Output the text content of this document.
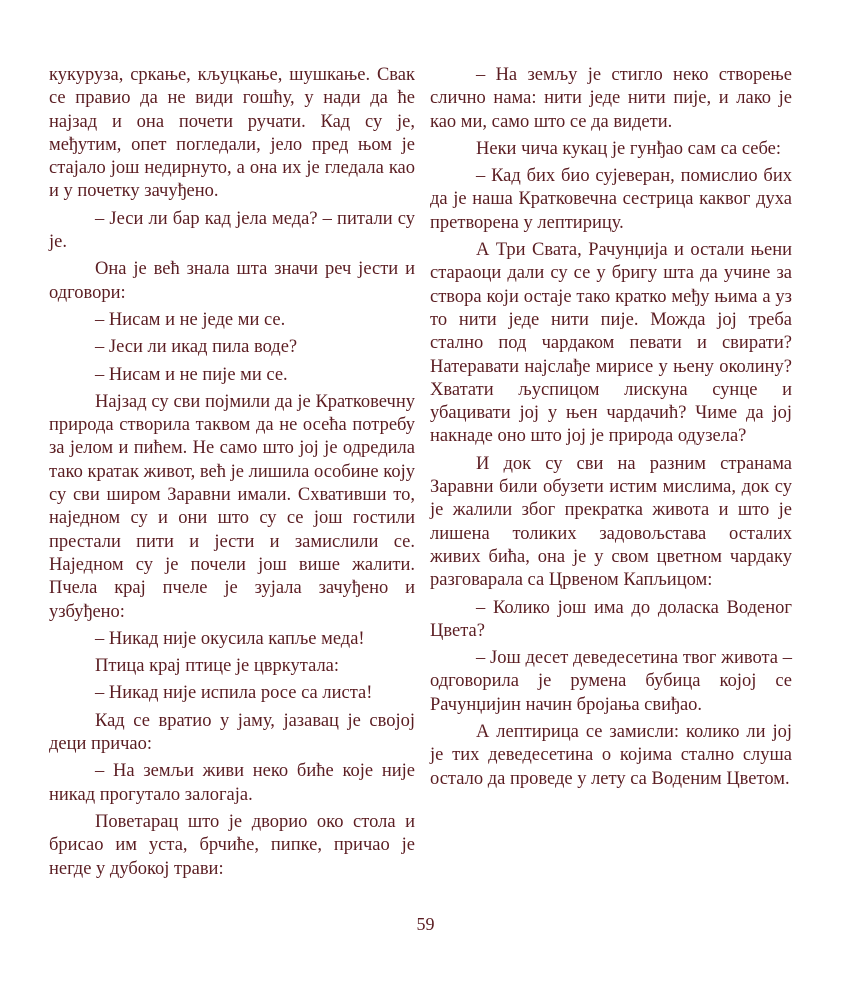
кукуруза, сркање, кљуцкање, шушкање. Свак се правио да не види гошћу, у нади да ће најзад и она почети ручати. Кад су је, међутим, опет погледали, јело пред њом је стајало још недирнуто, а она их је гледала као и у почетку зачуђено.

– Јеси ли бар кад јела меда? – питали су је.

Она је већ знала шта значи реч јести и одговори:

– Нисам и не једе ми се.

– Јеси ли икад пила воде?

– Нисам и не пије ми се.

Најзад су сви појмили да је Кратковечну природа створила таквом да не осећа потребу за јелом и пићем. Не само што јој је одредила тако кратак живот, већ је лишила особине коју су сви широм Заравни имали. Схвативши то, наједном су и они што су се још гостили престали пити и јести и замислили се. Наједном су је почели још више жалити. Пчела крај пчеле је зујала зачуђено и узбуђено:

– Никад није окусила капље меда!

Птица крај птице је цвркутала:

– Никад није испила росе са листа!

Кад се вратио у јаму, јазавац је својој деци причао:

– На земљи живи неко биће које није никад прогутало залогаја.

Поветарац што је дворио око стола и брисао им уста, брчиће, пипке, причао је негде у дубокој трави:

– На земљу је стигло неко створење слично нама: нити једе нити пије, и лако је као ми, само што се да видети.

Неки чича кукац је гунђао сам са себе:

– Кад бих био сујеверан, помислио бих да је наша Кратковечна сестрица каквог духа претворена у лептирицу.

А Три Свата, Рачунџија и остали њени стараоци дали су се у бригу шта да учине за створа који остаје тако кратко међу њима а уз то нити једе нити пије. Можда јој треба стално под чардаком певати и свирати? Натеравати најслађе мирисе у њену околину? Хватати љуспицом лискуна сунце и убацивати јој у њен чардачић? Чиме да јој накнаде оно што јој је природа одузела?

И док су сви на разним странама Заравни били обузети истим мислима, док су је жалили због прекратка живота и што је лишена толиких задовољстава осталих живих бића, она је у свом цветном чардаку разговарала са Црвеном Капљицом:

– Колико још има до доласка Воденог Цвета?

– Још десет деведесетина твог живота – одговорила је румена бубица којој се Рачунџијин начин бројања свиђао.

А лептирица се замисли: колико ли јој је тих деведесетина о којима стално слуша остало да проведе у лету са Воденим Цветом.

59
